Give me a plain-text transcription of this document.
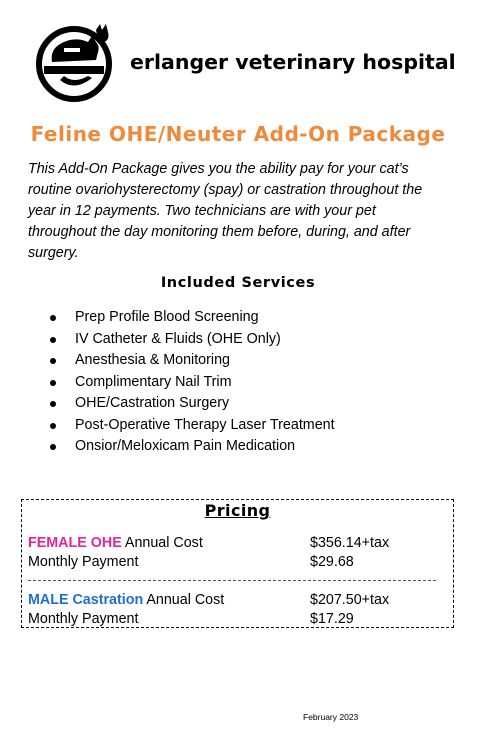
erlanger veterinary hospital
Feline OHE/Neuter Add-On Package

This Add-On Package gives you the ability pay for your cat’s routine ovariohysterectomy (spay) or castration throughout the year in 12 payments. Two technicians are with your pet throughout the day monitoring them before, during, and after surgery.

Included Services
Prep Profile Blood Screening
IV Catheter & Fluids (OHE Only)
Anesthesia & Monitoring
Complimentary Nail Trim
OHE/Castration Surgery
Post-Operative Therapy Laser Treatment
Onsior/Meloxicam Pain Medication
Pricing
FEMALE OHE Annual Cost	$356.14+tax
Monthly Payment	$29.68
MALE Castration Annual Cost	$207.50+tax
Monthly Payment	$17.29
February 2023
